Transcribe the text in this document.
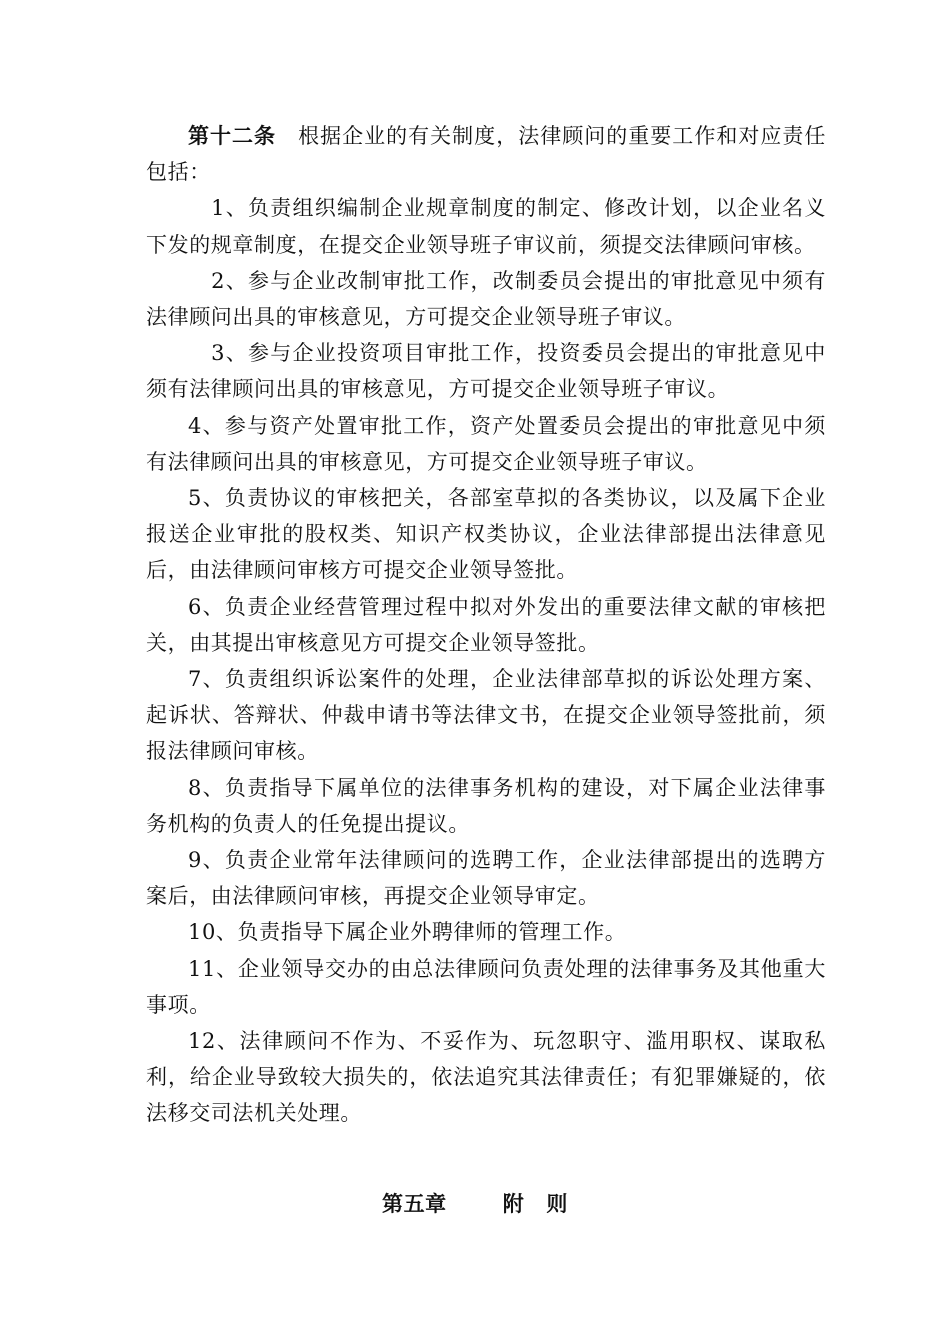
第十二条 根据企业的有关制度，法律顾问的重要工作和对应责任包括：

1、负责组织编制企业规章制度的制定、修改计划，以企业名义下发的规章制度，在提交企业领导班子审议前，须提交法律顾问审核。

2、参与企业改制审批工作，改制委员会提出的审批意见中须有法律顾问出具的审核意见，方可提交企业领导班子审议。

3、参与企业投资项目审批工作，投资委员会提出的审批意见中须有法律顾问出具的审核意见，方可提交企业领导班子审议。

4、参与资产处置审批工作，资产处置委员会提出的审批意见中须有法律顾问出具的审核意见，方可提交企业领导班子审议。

5、负责协议的审核把关，各部室草拟的各类协议，以及属下企业报送企业审批的股权类、知识产权类协议，企业法律部提出法律意见后，由法律顾问审核方可提交企业领导签批。

6、负责企业经营管理过程中拟对外发出的重要法律文献的审核把关，由其提出审核意见方可提交企业领导签批。

7、负责组织诉讼案件的处理，企业法律部草拟的诉讼处理方案、起诉状、答辩状、仲裁申请书等法律文书，在提交企业领导签批前，须报法律顾问审核。

8、负责指导下属单位的法律事务机构的建设，对下属企业法律事务机构的负责人的任免提出提议。

9、负责企业常年法律顾问的选聘工作，企业法律部提出的选聘方案后，由法律顾问审核，再提交企业领导审定。

10、负责指导下属企业外聘律师的管理工作。

11、企业领导交办的由总法律顾问负责处理的法律事务及其他重大事项。

12、法律顾问不作为、不妥作为、玩忽职守、滥用职权、谋取私利，给企业导致较大损失的，依法追究其法律责任；有犯罪嫌疑的，依法移交司法机关处理。

第五章	附 则
